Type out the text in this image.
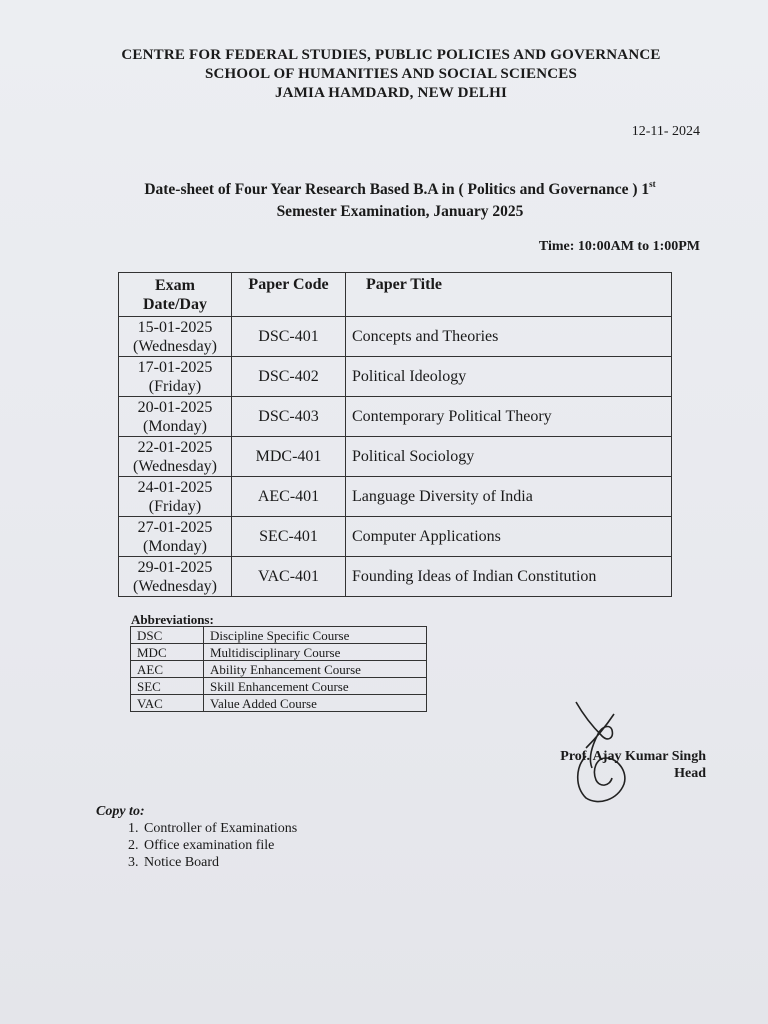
CENTRE FOR FEDERAL STUDIES, PUBLIC POLICIES AND GOVERNANCE
SCHOOL OF HUMANITIES AND SOCIAL SCIENCES
JAMIA HAMDARD, NEW DELHI
12-11- 2024
Date-sheet of Four Year Research Based B.A in ( Politics and Governance ) 1st
Semester Examination, January 2025
Time: 10:00AM to 1:00PM
Exam
Date/Day	Paper Code	Paper Title

15-01-2025
(Wednesday)	DSC-401	Concepts and Theories

17-01-2025
(Friday)	DSC-402	Political Ideology

20-01-2025
(Monday)	DSC-403	Contemporary Political Theory

22-01-2025
(Wednesday)	MDC-401	Political Sociology

24-01-2025
(Friday)	AEC-401	Language Diversity of India

27-01-2025
(Monday)	SEC-401	Computer Applications

29-01-2025
(Wednesday)	VAC-401	Founding Ideas of Indian Constitution
Abbreviations:
DSC	Discipline Specific Course
MDC	Multidisciplinary Course
AEC	Ability Enhancement Course
SEC	Skill Enhancement Course
VAC	Value Added Course
Prof. Ajay Kumar Singh
Head
Copy to:
1. Controller of Examinations
2. Office examination file
3. Notice Board
